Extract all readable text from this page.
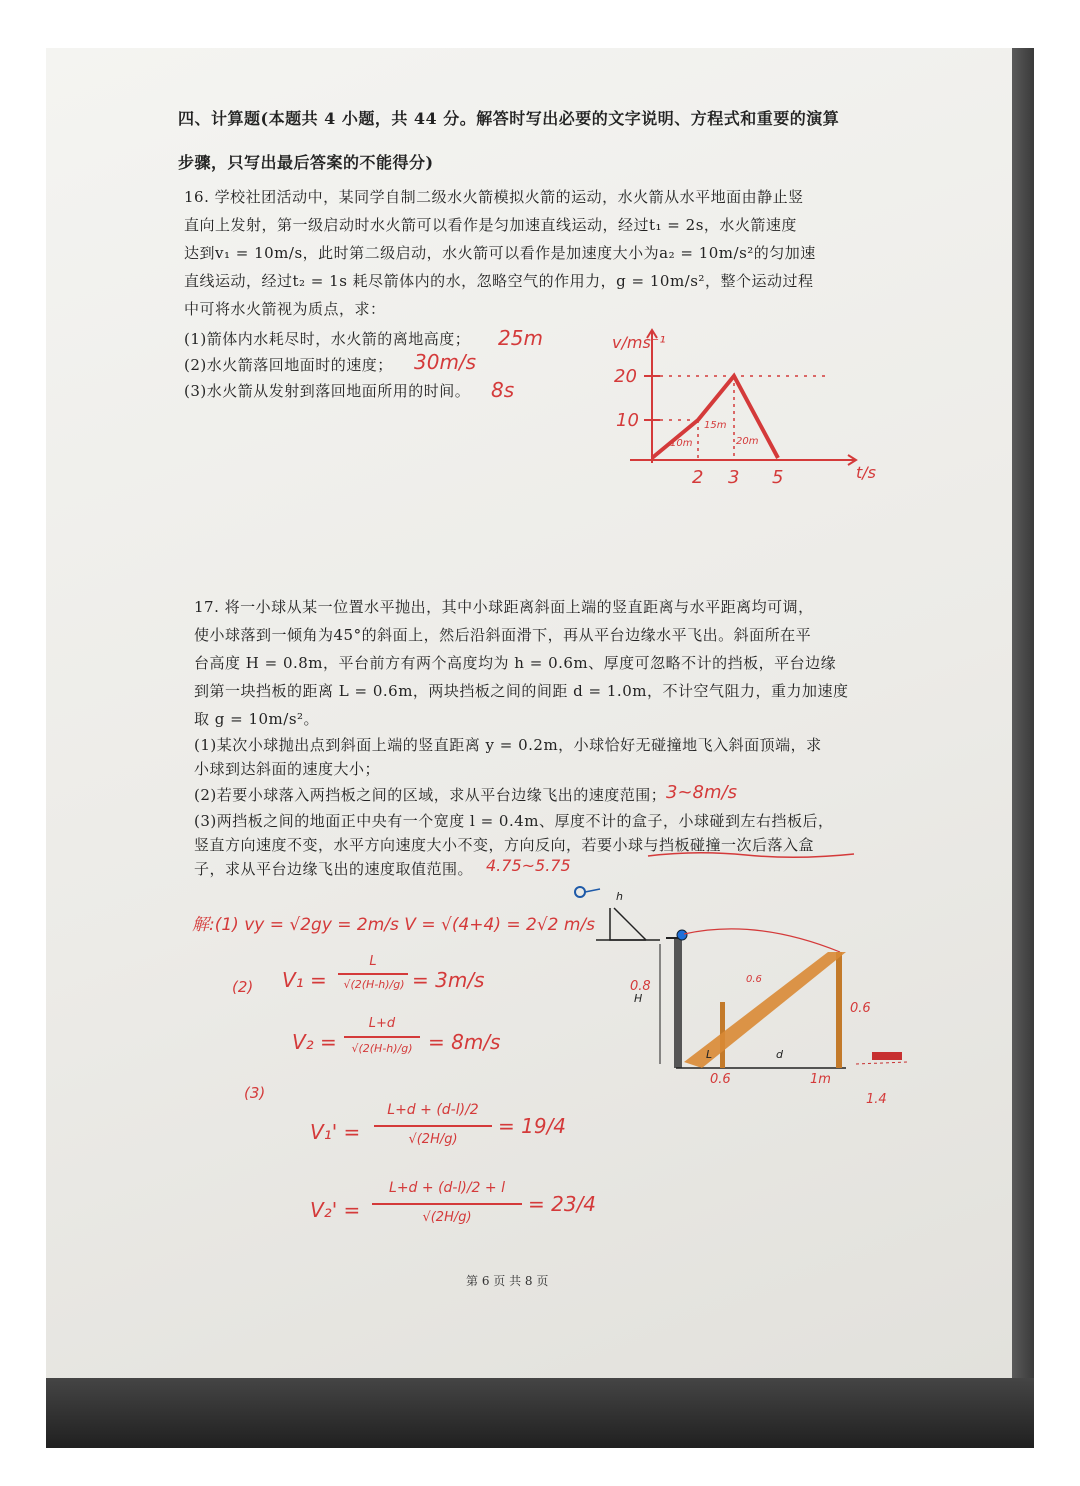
四、计算题(本题共 4 小题，共 44 分。解答时写出必要的文字说明、方程式和重要的演算
步骤，只写出最后答案的不能得分)
16. 学校社团活动中，某同学自制二级水火箭模拟火箭的运动，水火箭从水平地面由静止竖
直向上发射，第一级启动时水火箭可以看作是匀加速直线运动，经过t₁ = 2s，水火箭速度
达到v₁ = 10m/s，此时第二级启动，水火箭可以看作是加速度大小为a₂ = 10m/s²的匀加速
直线运动，经过t₂ = 1s 耗尽箭体内的水，忽略空气的作用力，g = 10m/s²，整个运动过程
中可将水火箭视为质点，求：
(1)箭体内水耗尽时，水火箭的离地高度；
(2)水火箭落回地面时的速度；
(3)水火箭从发射到落回地面所用的时间。
25m
30m/s
8s
v/ms⁻¹
t/s
20
10
2 3 5
10m
15m
20m
17. 将一小球从某一位置水平抛出，其中小球距离斜面上端的竖直距离与水平距离均可调，
使小球落到一倾角为45°的斜面上，然后沿斜面滑下，再从平台边缘水平飞出。斜面所在平
台高度 H = 0.8m，平台前方有两个高度均为 h = 0.6m、厚度可忽略不计的挡板，平台边缘
到第一块挡板的距离 L = 0.6m，两块挡板之间的间距 d = 1.0m，不计空气阻力，重力加速度
取 g = 10m/s²。
(1)某次小球抛出点到斜面上端的竖直距离 y = 0.2m，小球恰好无碰撞地飞入斜面顶端，求
小球到达斜面的速度大小；
(2)若要小球落入两挡板之间的区域，求从平台边缘飞出的速度范围；
(3)两挡板之间的地面正中央有一个宽度 l = 0.4m、厚度不计的盒子，小球碰到左右挡板后，
竖直方向速度不变，水平方向速度大小不变，方向反向，若要小球与挡板碰撞一次后落入盒
子，求从平台边缘飞出的速度取值范围。
3~8m/s
4.75~5.75
解:(1) vy = √2gy = 2m/s V = √(4+4) = 2√2 m/s
(2) V₁ =
L
√(2(H-h)/g) = 3m/s
V₂ =
L+d
√(2(H-h)/g) = 8m/s
(3)
V₁' =
L+d + (d-l)/2
√(2H/g)
= 19/4
V₂' =
L+d + (d-l)/2 + l
√(2H/g)
= 23/4
h
H
L	d
0.8	0.6
0.6
1m
0.6
1.4
第 6 页 共 8 页
